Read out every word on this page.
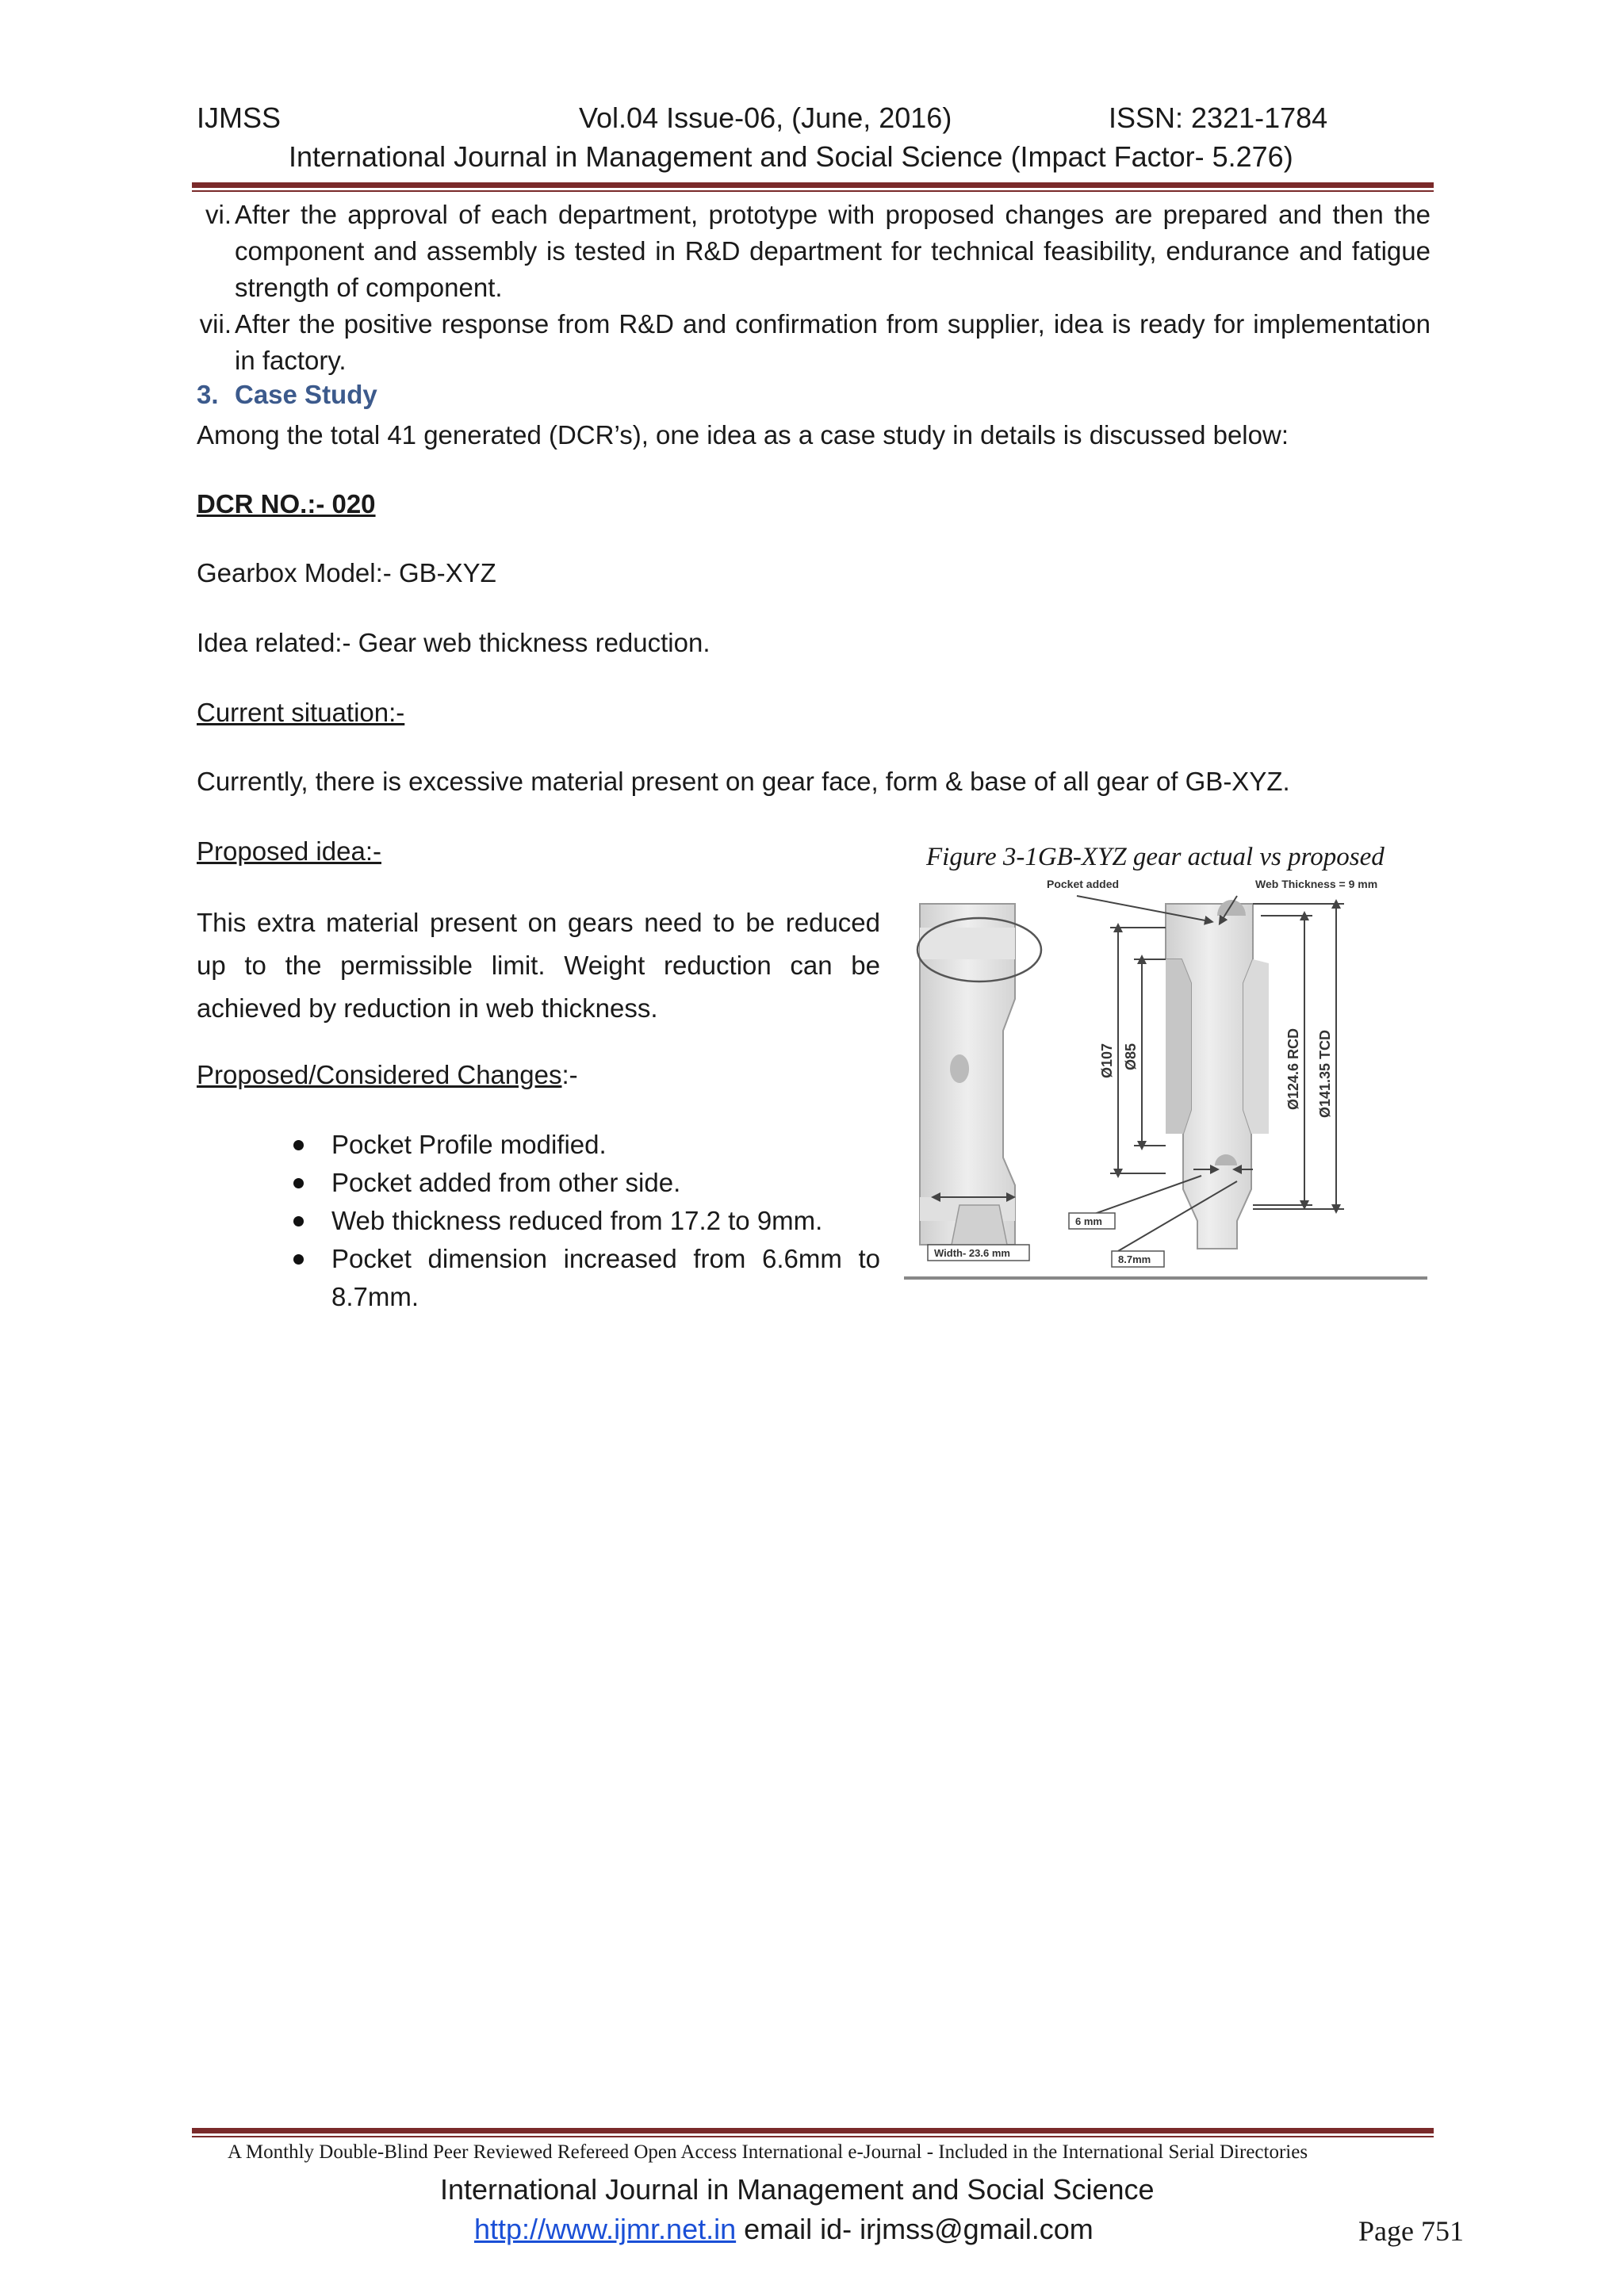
IJMSS	Vol.04 Issue-06, (June, 2016)	ISSN: 2321-1784
International Journal in Management and Social Science (Impact Factor- 5.276)
vi. After the approval of each department, prototype with proposed changes are prepared and then the component and assembly is tested in R&D department for technical feasibility, endurance and fatigue strength of component.
vii. After the positive response from R&D and confirmation from supplier, idea is ready for implementation in factory.
3. Case Study
Among the total 41 generated (DCR’s), one idea as a case study in details is discussed below:
DCR NO.:- 020
Gearbox Model:- GB-XYZ
Idea related:- Gear web thickness reduction.
Current situation:-
Currently, there is excessive material present on gear face, form & base of all gear of GB-XYZ.
Proposed idea:-
This extra material present on gears need to be reduced up to the permissible limit. Weight reduction can be achieved by reduction in web thickness.
Proposed/Considered Changes:-
Pocket Profile modified.
Pocket added from other side.
Web thickness reduced from 17.2 to 9mm.
Pocket dimension increased from 6.6mm to 8.7mm.
Figure 3-1GB-XYZ gear actual vs proposed
Pocket added	Web Thickness = 9 mm
Ø107 Ø85	Ø124.6 RCD Ø141.35 TCD
6 mm
Width- 23.6 mm
8.7mm
A Monthly Double-Blind Peer Reviewed Refereed Open Access International e-Journal - Included in the International Serial Directories
International Journal in Management and Social Science
http://www.ijmr.net.in email id- irjmss@gmail.com	Page 751
